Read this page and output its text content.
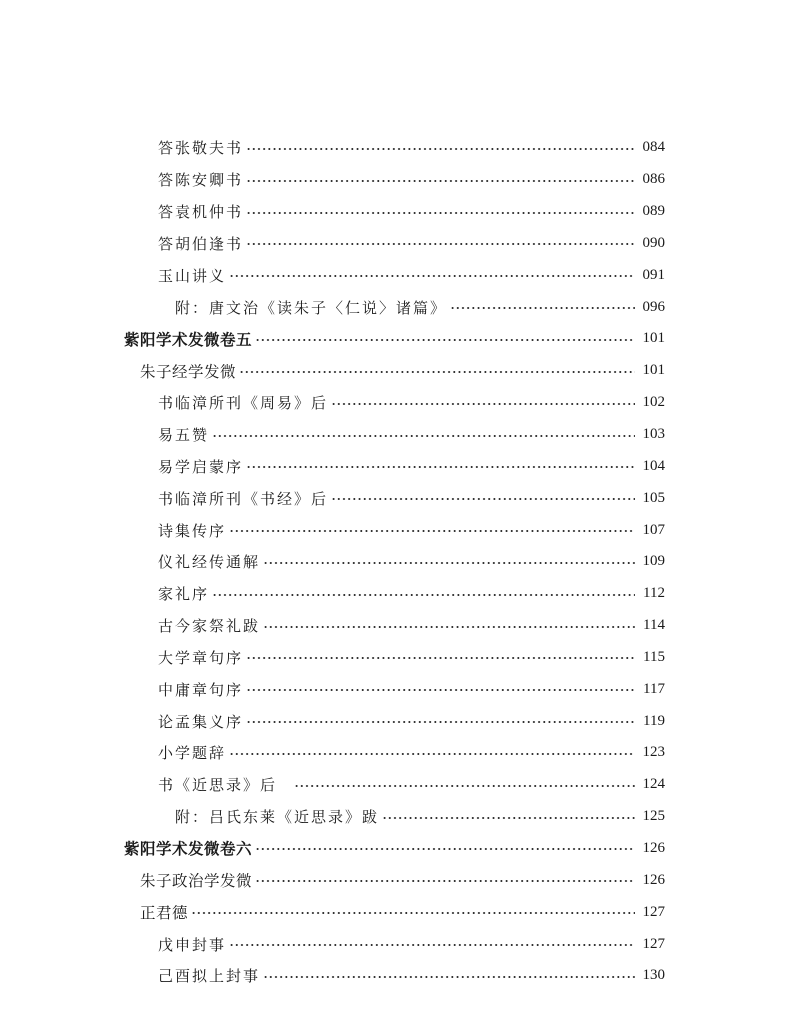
答张敬夫书	084
答陈安卿书	086
答袁机仲书	089
答胡伯逢书	090
玉山讲义	091
附：唐文治《读朱子〈仁说〉诸篇》	096
紫阳学术发微卷五	101
朱子经学发微	101
书临漳所刊《周易》后	102
易五赞	103
易学启蒙序	104
书临漳所刊《书经》后	105
诗集传序	107
仪礼经传通解	109
家礼序	112
古今家祭礼跋	114
大学章句序	115
中庸章句序	117
论孟集义序	119
小学题辞	123
书《近思录》后	124
附：吕氏东莱《近思录》跋	125
紫阳学术发微卷六	126
朱子政治学发微	126
正君德	127
戊申封事	127
己酉拟上封事	130
